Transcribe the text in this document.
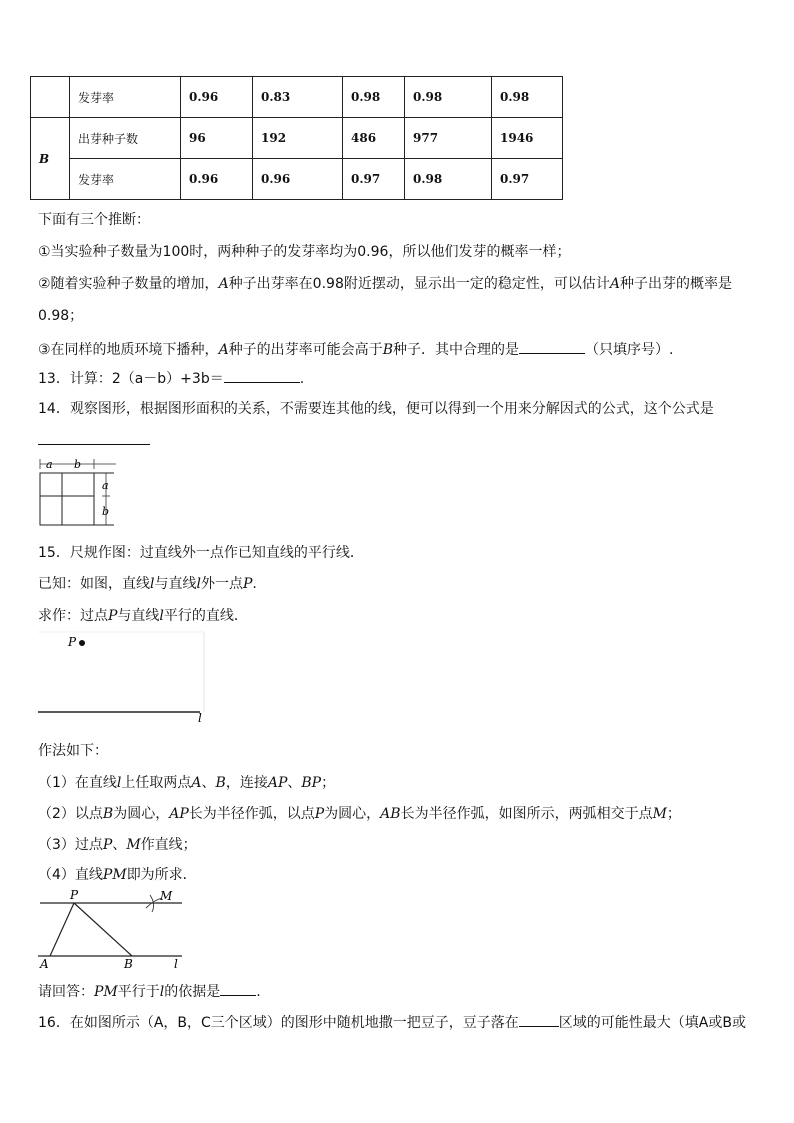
	发芽率	0.96	0.83	0.98	0.98	0.98
B	出芽种子数	96	192	486	977	1946
	发芽率	0.96	0.96	0.97	0.98	0.97
下面有三个推断：
①当实验种子数量为100时，两种种子的发芽率均为0.96，所以他们发芽的概率一样；
②随着实验种子数量的增加，A种子出芽率在0.98附近摆动，显示出一定的稳定性，可以估计A种子出芽的概率是
0.98；
③在同样的地质环境下播种，A种子的出芽率可能会高于B种子．其中合理的是	（只填序号）.
13．计算：2（a－b）+3b＝	.
14．观察图形，根据图形面积的关系，不需要连其他的线，便可以得到一个用来分解因式的公式，这个公式是
a b
a
b
15．尺规作图：过直线外一点作已知直线的平行线．
已知：如图，直线l与直线l外一点P.
求作：过点P与直线l平行的直线．
P
l
作法如下：
（1）在直线l上任取两点A、B，连接AP、BP；
（2）以点B为圆心，AP长为半径作弧，以点P为圆心，AB长为半径作弧，如图所示，两弧相交于点M；
（3）过点P、M作直线；
（4）直线PM即为所求．
P	M
A	B	l
请回答：PM平行于l的依据是	.
16．在如图所示（A，B，C三个区域）的图形中随机地撒一把豆子，豆子落在	区域的可能性最大（填A或B或
